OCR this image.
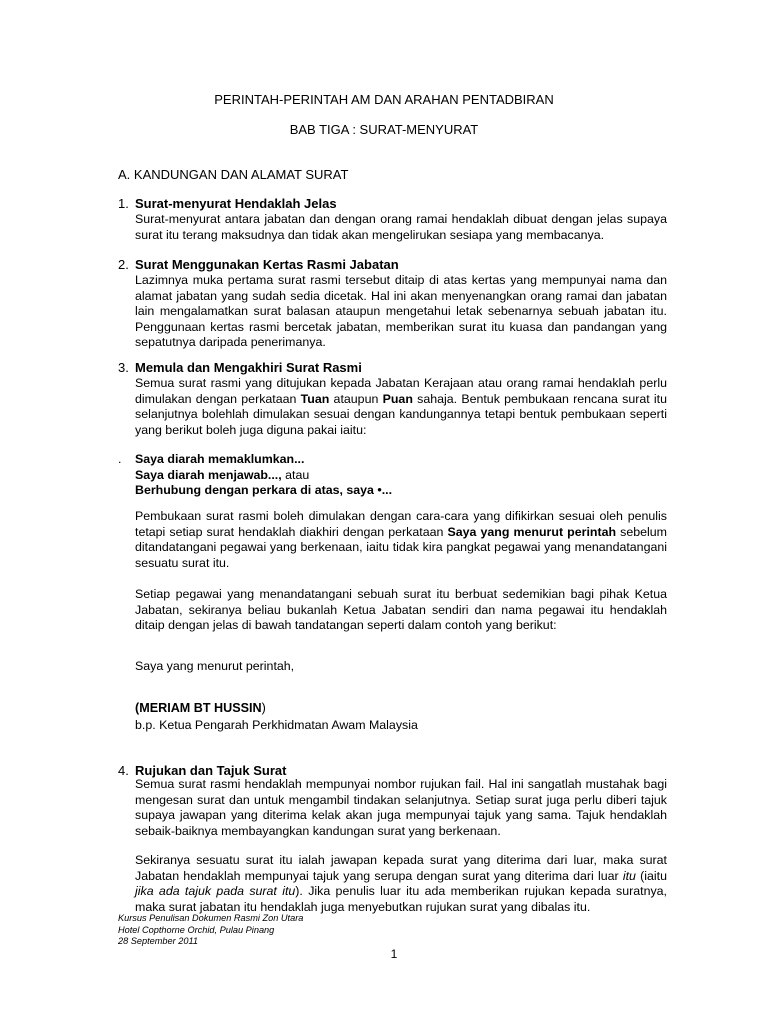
PERINTAH-PERINTAH AM DAN ARAHAN PENTADBIRAN
BAB TIGA : SURAT-MENYURAT
A. KANDUNGAN DAN ALAMAT SURAT
1. Surat-menyurat Hendaklah Jelas
Surat-menyurat antara jabatan dan dengan orang ramai hendaklah dibuat dengan jelas supaya surat itu terang maksudnya dan tidak akan mengelirukan sesiapa yang membacanya.
2. Surat Menggunakan Kertas Rasmi Jabatan
Lazimnya muka pertama surat rasmi tersebut ditaip di atas kertas yang mempunyai nama dan alamat jabatan yang sudah sedia dicetak. Hal ini akan menyenangkan orang ramai dan jabatan lain mengalamatkan surat balasan ataupun mengetahui letak sebenarnya sebuah jabatan itu. Penggunaan kertas rasmi bercetak jabatan, memberikan surat itu kuasa dan pandangan yang sepatutnya daripada penerimanya.
3. Memula dan Mengakhiri Surat Rasmi
Semua surat rasmi yang ditujukan kepada Jabatan Kerajaan atau orang ramai hendaklah perlu dimulakan dengan perkataan Tuan ataupun Puan sahaja. Bentuk pembukaan rencana surat itu selanjutnya bolehlah dimulakan sesuai dengan kandungannya tetapi bentuk pembukaan seperti yang berikut boleh juga diguna pakai iaitu:
. Saya diarah memaklumkan...
Saya diarah menjawab..., atau
Berhubung dengan perkara di atas, saya •...
Pembukaan surat rasmi boleh dimulakan dengan cara-cara yang difikirkan sesuai oleh penulis tetapi setiap surat hendaklah diakhiri dengan perkataan Saya yang menurut perintah sebelum ditandatangani pegawai yang berkenaan, iaitu tidak kira pangkat pegawai yang menandatangani sesuatu surat itu.
Setiap pegawai yang menandatangani sebuah surat itu berbuat sedemikian bagi pihak Ketua Jabatan, sekiranya beliau bukanlah Ketua Jabatan sendiri dan nama pegawai itu hendaklah ditaip dengan jelas di bawah tandatangan seperti dalam contoh yang berikut:
Saya yang menurut perintah,
(MERIAM BT HUSSIN)
b.p. Ketua Pengarah Perkhidmatan Awam Malaysia
4. Rujukan dan Tajuk Surat
Semua surat rasmi hendaklah mempunyai nombor rujukan fail. Hal ini sangatlah mustahak bagi mengesan surat dan untuk mengambil tindakan selanjutnya. Setiap surat juga perlu diberi tajuk supaya jawapan yang diterima kelak akan juga mempunyai tajuk yang sama. Tajuk hendaklah sebaik-baiknya membayangkan kandungan surat yang berkenaan.
Sekiranya sesuatu surat itu ialah jawapan kepada surat yang diterima dari luar, maka surat Jabatan hendaklah mempunyai tajuk yang serupa dengan surat yang diterima dari luar itu (iaitu jika ada tajuk pada surat itu). Jika penulis luar itu ada memberikan rujukan kepada suratnya, maka surat jabatan itu hendaklah juga menyebutkan rujukan surat yang dibalas itu.
Kursus Penulisan Dokumen Rasmi Zon Utara
Hotel Copthorne Orchid, Pulau Pinang
28 September 2011
1
